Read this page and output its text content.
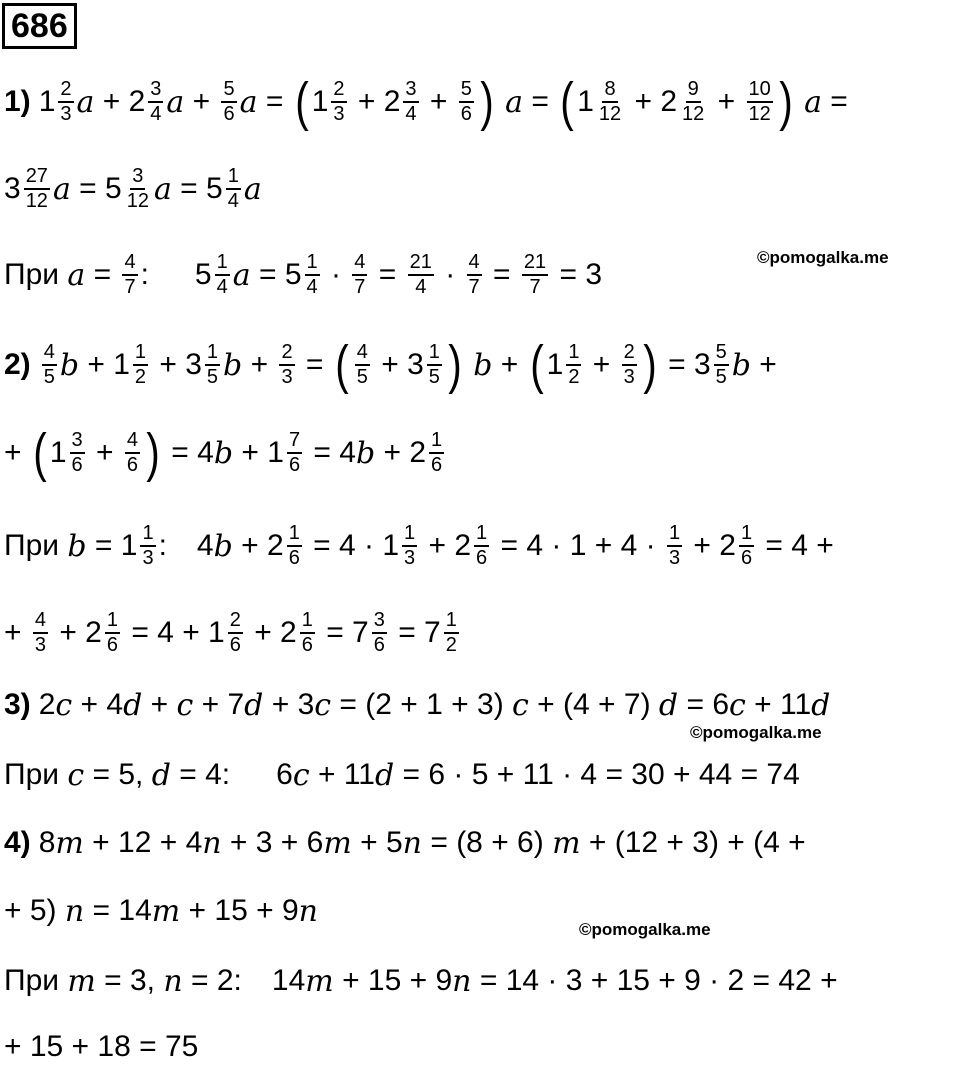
686
1) $1 \frac{2}{3}$ $a + 2 \frac{3}{4}$ $a + \frac{5}{6}$ a = ( $1 \frac{2}{3} + 2 \frac{3}{4} + \frac{5}{6}$ )
a = ( $1 \frac{8}{12} + 2 \frac{9}{12} + \frac{10}{12}$ )
a =
$3 \frac{27}{12}$ $a = 5 \frac{3}{12}$ $a = 5 \frac{1}{4}$ a
При
$a = \frac{4}{7}$ : $5 \frac{1}{4}$ $a = 5 \frac{1}{4} \cdot \frac{4}{7} = \frac{21}{4} \cdot \frac{4}{7} = \frac{21}{7} = 3$
©pomogalka.me
$2) \frac{4}{5}$ $b + 1 \frac{1}{2} + 3 \frac{1}{5}$ $b + \frac{2}{3}$ = ( $\frac{4}{5} + 3 \frac{1}{5}$ )
b + ( $1 \frac{1}{2} + \frac{2}{3}$ ) = $3 \frac{5}{5}$ b +
+ ( $1 \frac{3}{6} + \frac{4}{6}$ ) = 4 $b + 1 \frac{7}{6} = 4$ $b + 2 \frac{1}{6}$
При
$b = 1 \frac{1}{3}$ : 4 $b + 2 \frac{1}{6} = 4 \cdot 1 \frac{1}{3} + 2 \frac{1}{6} = 4 \cdot 1 + 4 \cdot \frac{1}{3} + 2 \frac{1}{6} = 4$ +
+ $\frac{4}{3} + 2 \frac{1}{6} = 4 + 1 \frac{2}{6} + 2 \frac{1}{6} = 7 \frac{3}{6} = 7 \frac{1}{2}$
3) 2 c + 4 d + c + 7 d + 3 c = (2 + 1 + 3) c + (4 + 7) d = 6 c + 11 d
©pomogalka.me
При
c = 5, d = 4: 6 c + 11 d = 6 · 5 + 11 · 4 = 30 + 44 = 74
4) 8 m + 12 + 4 n + 3 + 6 m + 5 n = (8 + 6) m + (12 + 3) + (4 +
+ 5) n = 14 m + 15 + 9 n
©pomogalka.me
При
m = 3, n = 2: 14 m + 15 + 9 n = 14 · 3 + 15 + 9 · 2 = 42 +
+ 15 + 18 = 75
